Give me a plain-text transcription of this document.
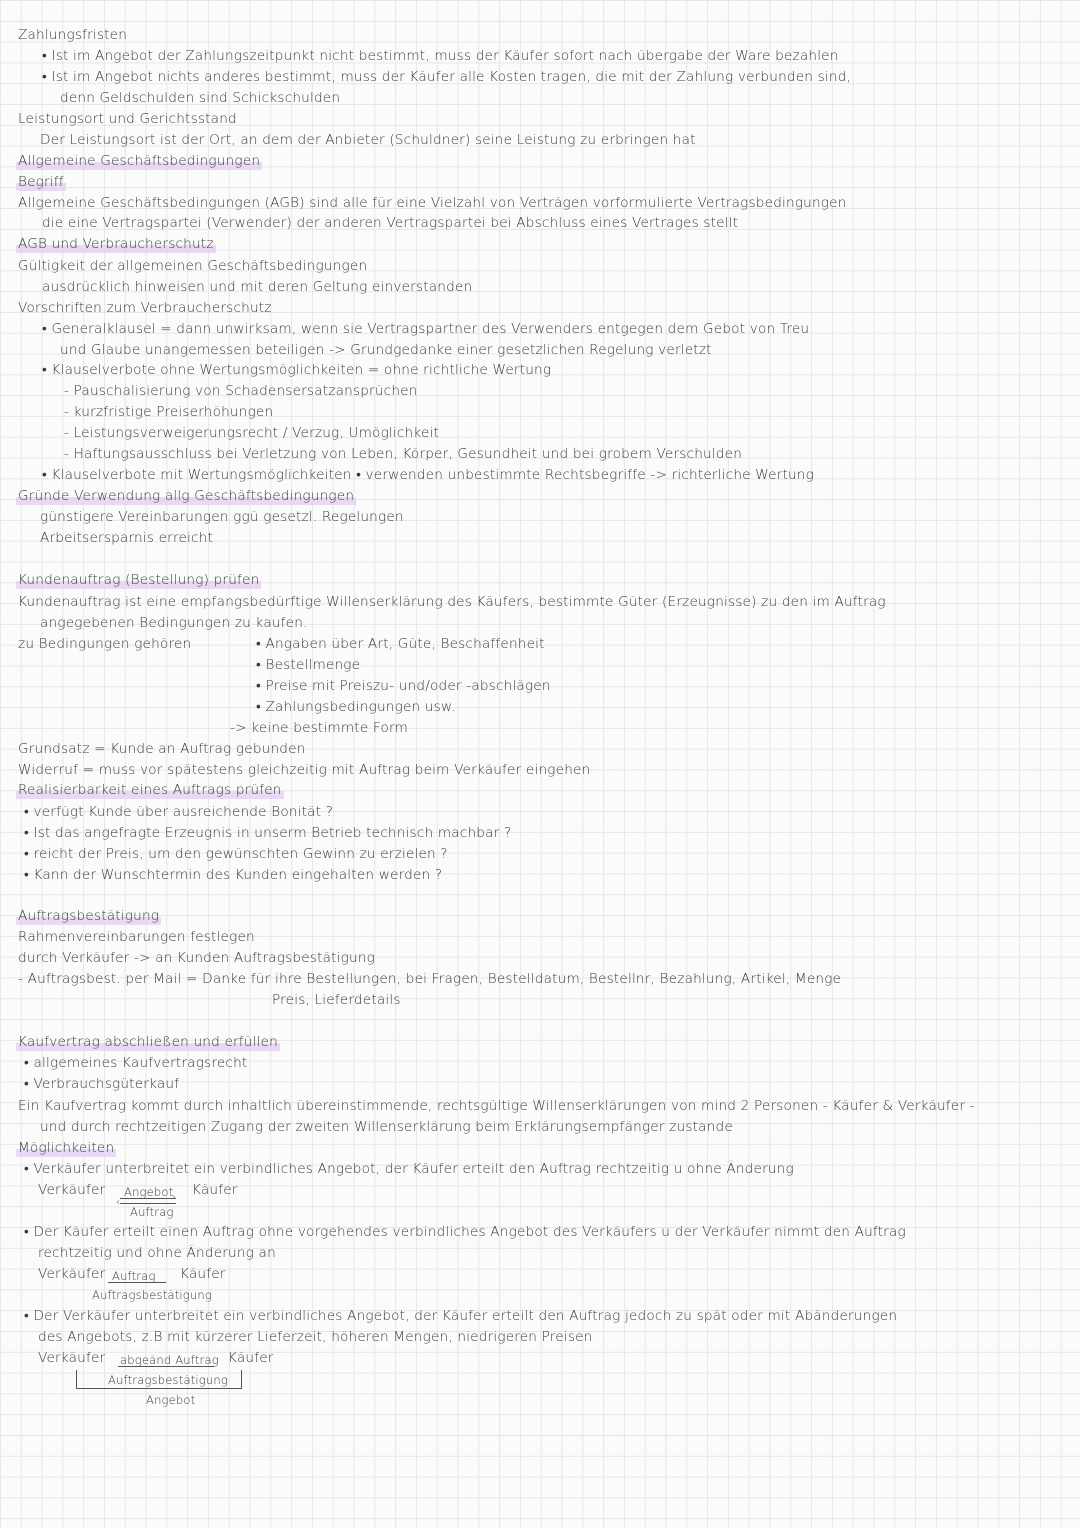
Zahlungsfristen
• Ist im Angebot der Zahlungszeitpunkt nicht bestimmt, muss der Käufer sofort nach übergabe der Ware bezahlen
• Ist im Angebot nichts anderes bestimmt, muss der Käufer alle Kosten tragen, die mit der Zahlung verbunden sind,
denn Geldschulden sind Schickschulden
Leistungsort und Gerichtsstand
Der Leistungsort ist der Ort, an dem der Anbieter (Schuldner) seine Leistung zu erbringen hat
Allgemeine Geschäftsbedingungen
Begriff
Allgemeine Geschäftsbedingungen (AGB) sind alle für eine Vielzahl von Verträgen vorformulierte Vertragsbedingungen
die eine Vertragspartei (Verwender) der anderen Vertragspartei bei Abschluss eines Vertrages stellt
AGB und Verbraucherschutz
Gültigkeit der allgemeinen Geschäftsbedingungen
ausdrücklich hinweisen und mit deren Geltung einverstanden
Vorschriften zum Verbraucherschutz
• Generalklausel = dann unwirksam, wenn sie Vertragspartner des Verwenders entgegen dem Gebot von Treu
und Glaube unangemessen beteiligen -> Grundgedanke einer gesetzlichen Regelung verletzt
• Klauselverbote ohne Wertungsmöglichkeiten = ohne richtliche Wertung
- Pauschalisierung von Schadensersatzansprüchen
- kurzfristige Preiserhöhungen
- Leistungsverweigerungsrecht / Verzug, Umöglichkeit
- Haftungsausschluss bei Verletzung von Leben, Körper, Gesundheit und bei grobem Verschulden
• Klauselverbote mit Wertungsmöglichkeiten • verwenden unbestimmte Rechtsbegriffe -> richterliche Wertung
Gründe Verwendung allg Geschäftsbedingungen
günstigere Vereinbarungen ggü gesetzl. Regelungen
Arbeitsersparnis erreicht
Kundenauftrag (Bestellung) prüfen
Kundenauftrag ist eine empfangsbedürftige Willenserklärung des Käufers, bestimmte Güter (Erzeugnisse) zu den im Auftrag
angegebenen Bedingungen zu kaufen.
zu Bedingungen gehören	• Angaben über Art, Güte, Beschaffenheit
• Bestellmenge
• Preise mit Preiszu- und/oder -abschlägen
• Zahlungsbedingungen usw.
-> keine bestimmte Form
Grundsatz = Kunde an Auftrag gebunden
Widerruf = muss vor spätestens gleichzeitig mit Auftrag beim Verkäufer eingehen
Realisierbarkeit eines Auftrags prüfen
• verfügt Kunde über ausreichende Bonität ?
• Ist das angefragte Erzeugnis in unserm Betrieb technisch machbar ?
• reicht der Preis, um den gewünschten Gewinn zu erzielen ?
• Kann der Wunschtermin des Kunden eingehalten werden ?
Auftragsbestätigung
Rahmenvereinbarungen festlegen
durch Verkäufer -> an Kunden Auftragsbestätigung
- Auftragsbest. per Mail = Danke für ihre Bestellungen, bei Fragen, Bestelldatum, Bestellnr, Bezahlung, Artikel, Menge
Preis, Lieferdetails
Kaufvertrag abschließen und erfüllen
• allgemeines Kaufvertragsrecht
• Verbrauchsgüterkauf
Ein Kaufvertrag kommt durch inhaltlich übereinstimmende, rechtsgültige Willenserklärungen von mind 2 Personen - Käufer & Verkäufer -
und durch rechtzeitigen Zugang der zweiten Willenserklärung beim Erklärungsempfänger zustande
Möglichkeiten
• Verkäufer unterbreitet ein verbindliches Angebot, der Käufer erteilt den Auftrag rechtzeitig u ohne Änderung
Verkäufer Angebot
› Käufer
‹
Auftrag
• Der Käufer erteilt einen Auftrag ohne vorgehendes verbindliches Angebot des Verkäufers u der Verkäufer nimmt den Auftrag
rechtzeitig und ohne Änderung an
Verkäufer Auftrag Käufer
Auftragsbestätigung
• Der Verkäufer unterbreitet ein verbindliches Angebot, der Käufer erteilt den Auftrag jedoch zu spät oder mit Abänderungen
des Angebots, z.B mit kürzerer Lieferzeit, höheren Mengen, niedrigeren Preisen
Verkäufer abgeänd Auftrag Käufer
Auftragsbestätigung
Angebot
